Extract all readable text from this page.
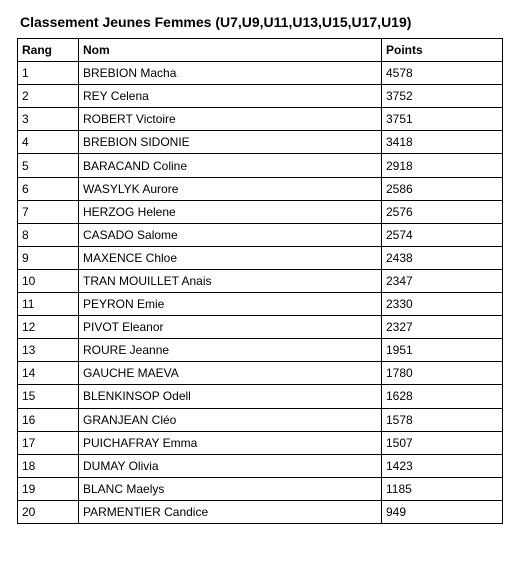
Classement Jeunes Femmes (U7,U9,U11,U13,U15,U17,U19)
Rang	Nom	Points
1	BREBION Macha	4578
2	REY Celena	3752
3	ROBERT Victoire	3751
4	BREBION SIDONIE	3418
5	BARACAND Coline	2918
6	WASYLYK Aurore	2586
7	HERZOG Helene	2576
8	CASADO Salome	2574
9	MAXENCE Chloe	2438
10	TRAN MOUILLET Anais	2347
11	PEYRON Emie	2330
12	PIVOT Eleanor	2327
13	ROURE Jeanne	1951
14	GAUCHE MAEVA	1780
15	BLENKINSOP Odell	1628
16	GRANJEAN Cléo	1578
17	PUICHAFRAY Emma	1507
18	DUMAY Olivia	1423
19	BLANC Maelys	1185
20	PARMENTIER Candice	949
